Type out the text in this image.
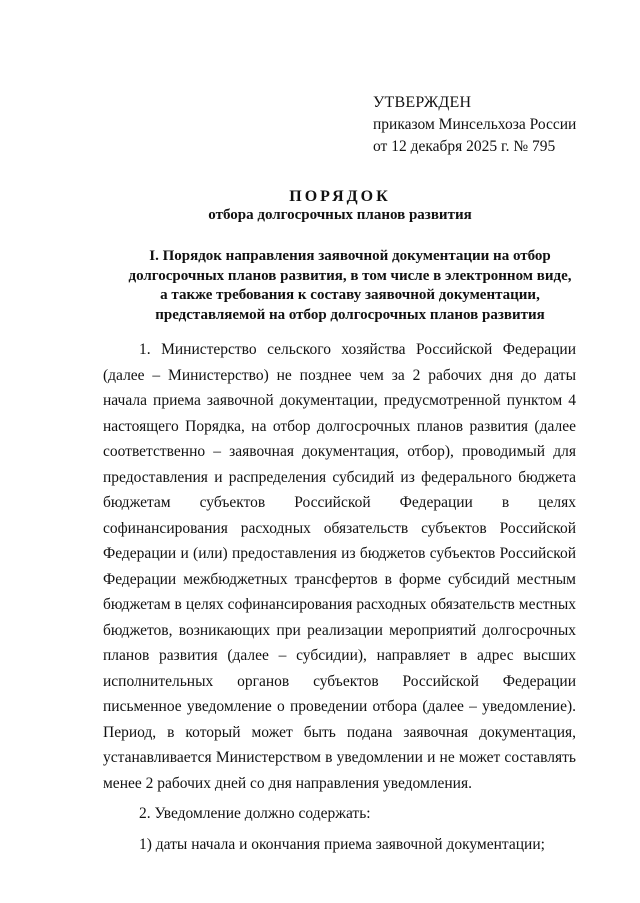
УТВЕРЖДЕН
приказом Минсельхоза России
от 12 декабря 2025 г. № 795
ПОРЯДОК
отбора долгосрочных планов развития
I. Порядок направления заявочной документации на отбор
долгосрочных планов развития, в том числе в электронном виде,
а также требования к составу заявочной документации,
представляемой на отбор долгосрочных планов развития

1. Министерство сельского хозяйства Российской Федерации (далее – Министерство) не позднее чем за 2 рабочих дня до даты начала приема заявочной документации, предусмотренной пунктом 4 настоящего Порядка, на отбор долгосрочных планов развития (далее соответственно – заявочная документация, отбор), проводимый для предоставления и распределения субсидий из федерального бюджета бюджетам субъектов Российской Федерации в целях софинансирования расходных обязательств субъектов Российской Федерации и (или) предоставления из бюджетов субъектов Российской Федерации межбюджетных трансфертов в форме субсидий местным бюджетам в целях софинансирования расходных обязательств местных бюджетов, возникающих при реализации мероприятий долгосрочных планов развития (далее – субсидии), направляет в адрес высших исполнительных органов субъектов Российской Федерации письменное уведомление о проведении отбора (далее – уведомление). Период, в который может быть подана заявочная документация, устанавливается Министерством в уведомлении и не может составлять менее 2 рабочих дней со дня направления уведомления.

2. Уведомление должно содержать:

1) даты начала и окончания приема заявочной документации;
